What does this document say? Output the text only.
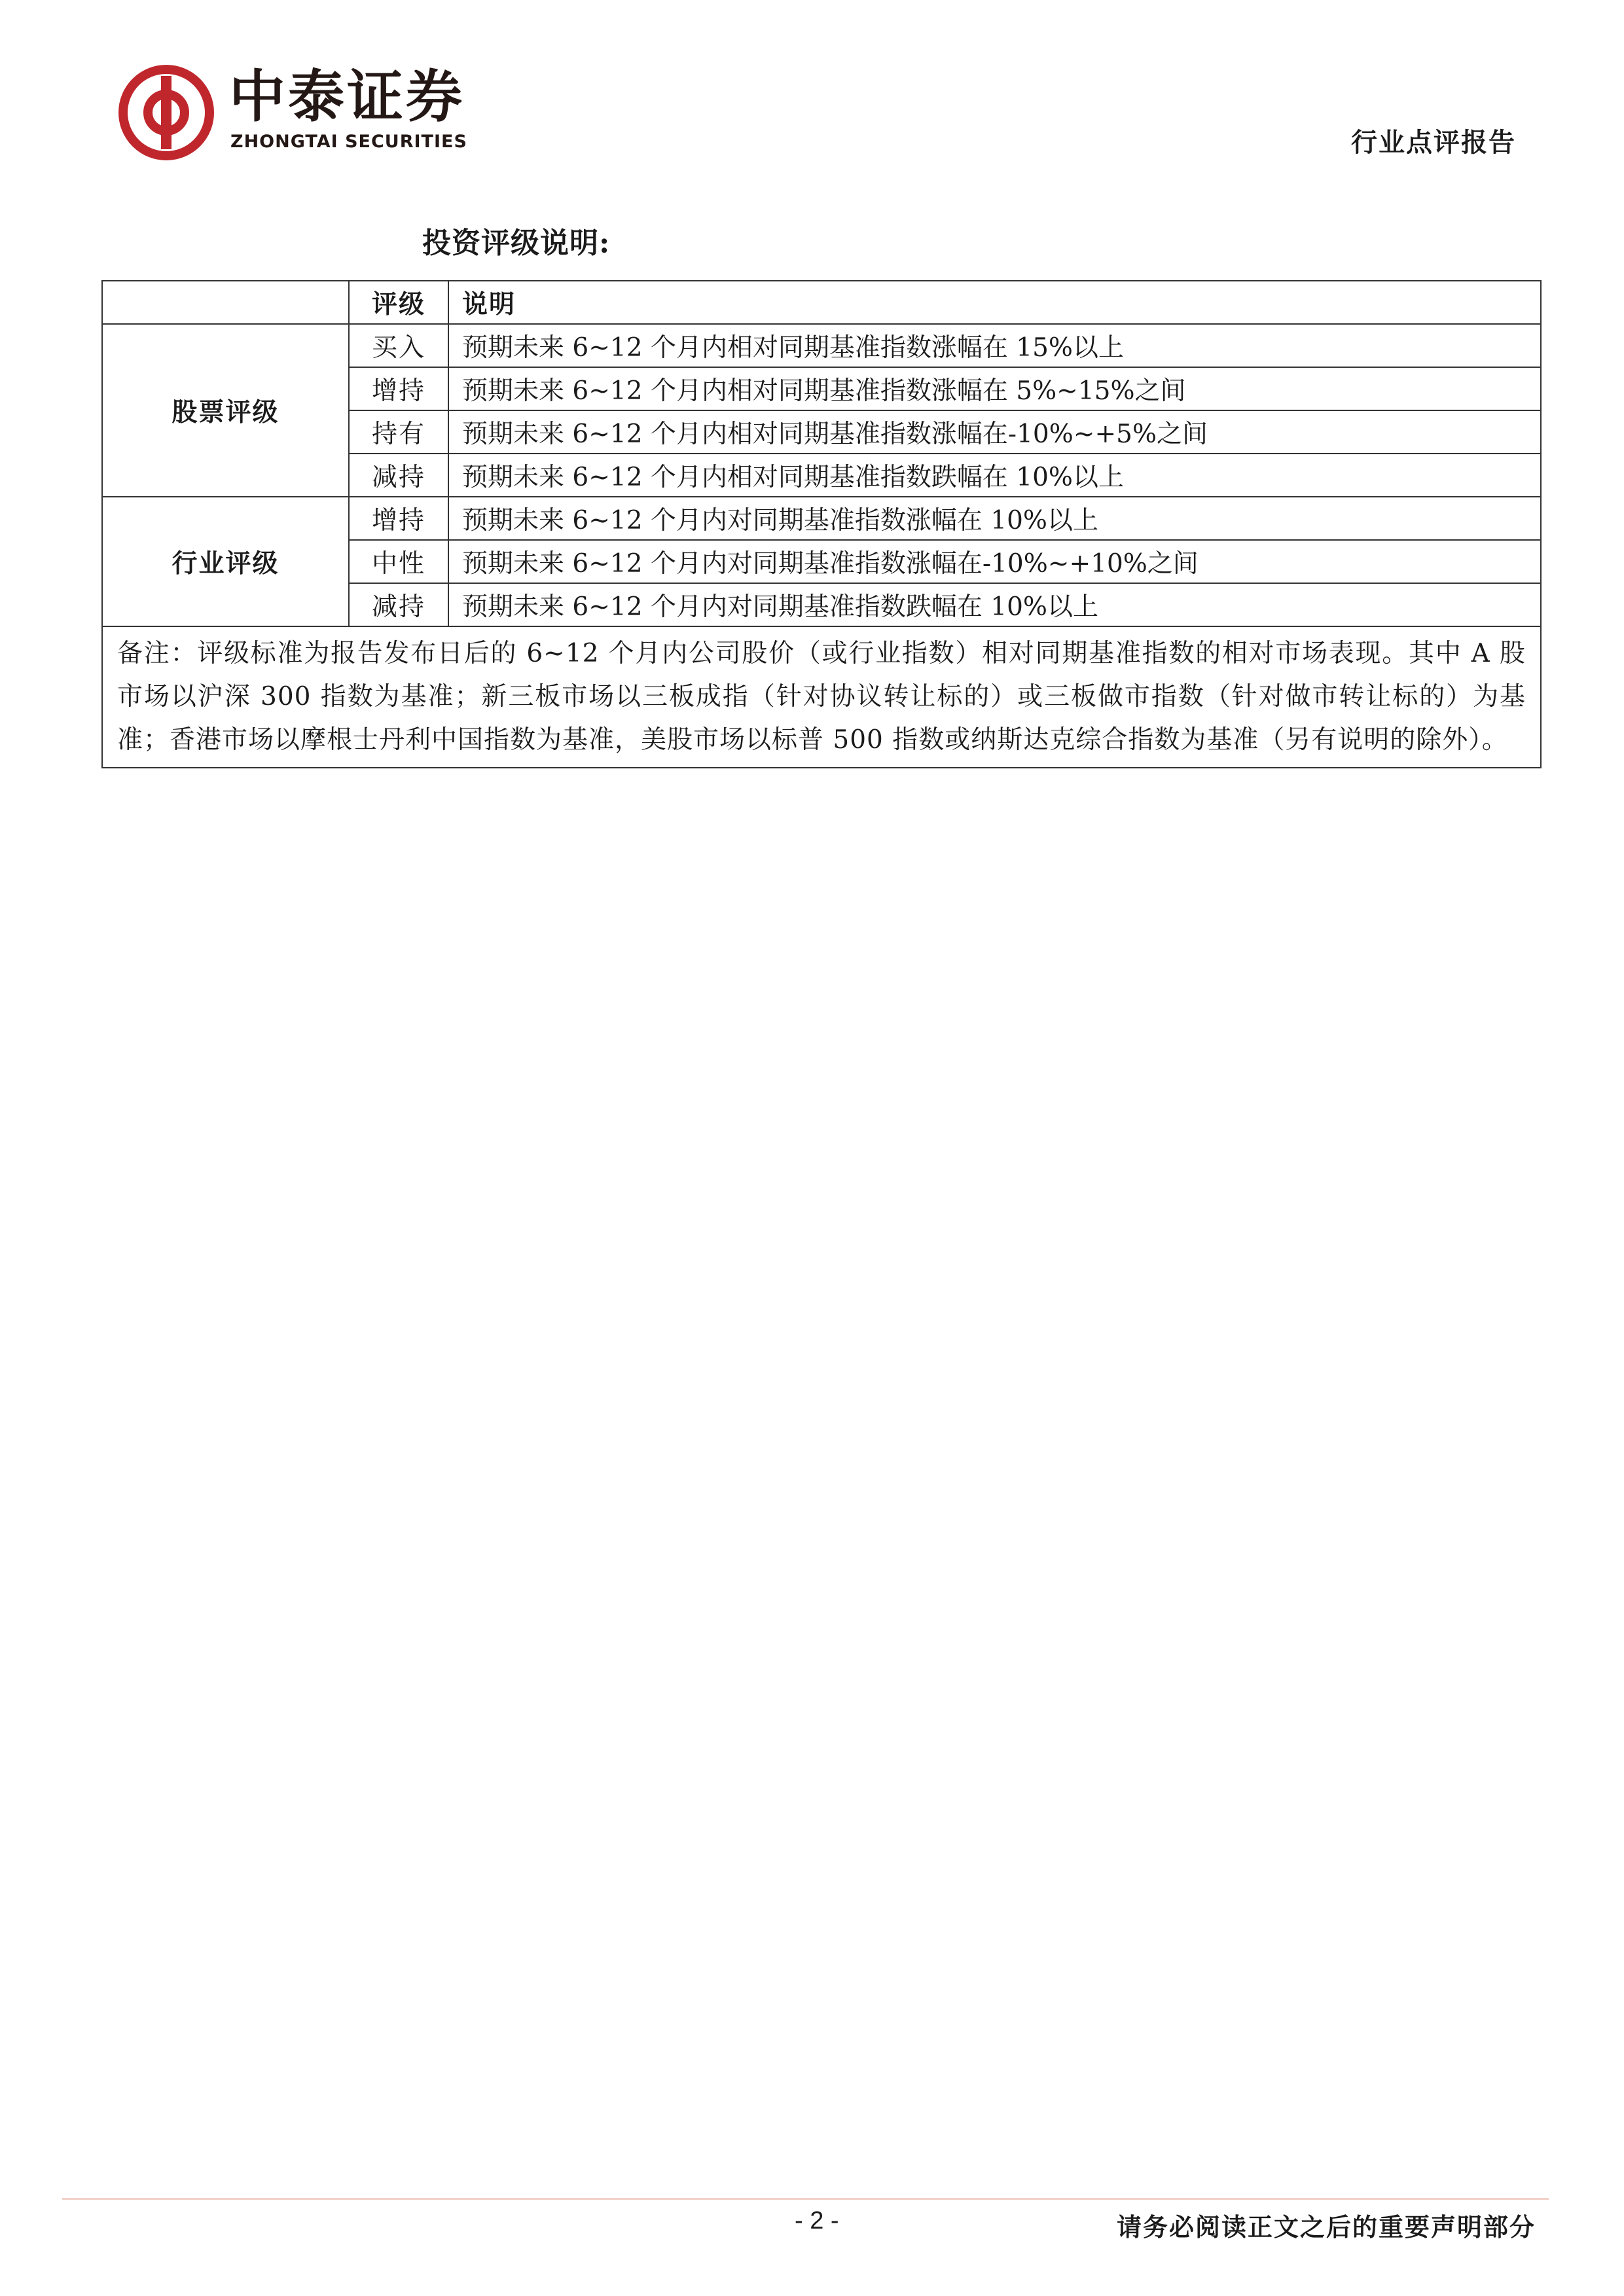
中泰证券
ZHONGTAI SECURITIES	行业点评报告
投资评级说明:
	评级	说明
股票评级	买入	预期未来 6~12 个月内相对同期基准指数涨幅在 15%以上
	增持	预期未来 6~12 个月内相对同期基准指数涨幅在 5%~15%之间
	持有	预期未来 6~12 个月内相对同期基准指数涨幅在-10%~+5%之间
	减持	预期未来 6~12 个月内相对同期基准指数跌幅在 10%以上
行业评级	增持	预期未来 6~12 个月内对同期基准指数涨幅在 10%以上
	中性	预期未来 6~12 个月内对同期基准指数涨幅在-10%~+10%之间
	减持	预期未来 6~12 个月内对同期基准指数跌幅在 10%以上
备注：评级标准为报告发布日后的 6~12 个月内公司股价（或行业指数）相对同期基准指数的相对市场表现。其中 A 股市场以沪深 300 指数为基准；新三板市场以三板成指（针对协议转让标的）或三板做市指数（针对做市转让标的）为基准；香港市场以摩根士丹利中国指数为基准，美股市场以标普 500 指数或纳斯达克综合指数为基准（另有说明的除外）。		
- 2 -	请务必阅读正文之后的重要声明部分
